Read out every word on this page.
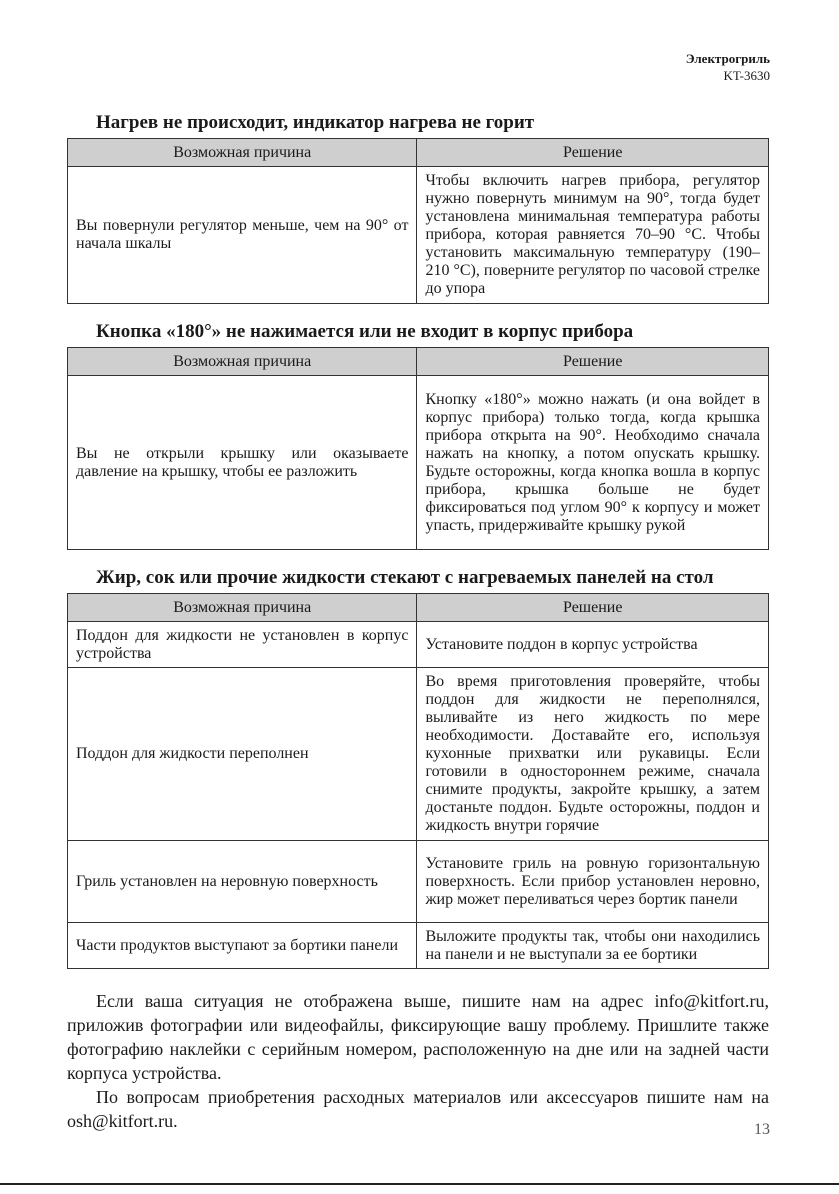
Электрогриль
KT-3630
Нагрев не происходит, индикатор нагрева не горит
Возможная причина	Решение
Вы повернули регулятор меньше, чем на 90° от начала шкалы	Чтобы включить нагрев прибора, регулятор нужно повернуть минимум на 90°, тогда будет установлена минимальная температура работы прибора, которая равняется 70–90 °С. Чтобы установить максимальную температуру (190–210 °С), поверните регулятор по часовой стрелке до упора
Кнопка «180°» не нажимается или не входит в корпус прибора
Возможная причина	Решение
Вы не открыли крышку или оказываете давление на крышку, чтобы ее разложить	Кнопку «180°» можно нажать (и она войдет в корпус прибора) только тогда, когда крышка прибора открыта на 90°. Необходимо сначала нажать на кнопку, а потом опускать крышку. Будьте осторожны, когда кнопка вошла в корпус прибора, крышка больше не будет фиксироваться под углом 90° к корпусу и может упасть, придерживайте крышку рукой
Жир, сок или прочие жидкости стекают с нагреваемых панелей на стол
Возможная причина	Решение
Поддон для жидкости не установлен в корпус устройства	Установите поддон в корпус устройства
Поддон для жидкости переполнен	Во время приготовления проверяйте, чтобы поддон для жидкости не переполнялся, выливайте из него жидкость по мере необходимости. Доставайте его, используя кухонные прихватки или рукавицы. Если готовили в одностороннем режиме, сначала снимите продукты, закройте крышку, а затем достаньте поддон. Будьте осторожны, поддон и жидкость внутри горячие
Гриль установлен на неровную поверхность	Установите гриль на ровную горизонтальную поверхность. Если прибор установлен неровно, жир может переливаться через бортик панели
Части продуктов выступают за бортики панели	Выложите продукты так, чтобы они находились на панели и не выступали за ее бортики

Если ваша ситуация не отображена выше, пишите нам на адрес info@kitfort.ru, приложив фотографии или видеофайлы, фиксирующие вашу проблему. Пришлите также фотографию наклейки с серийным номером, расположенную на дне или на задней части корпуса устройства.

По вопросам приобретения расходных материалов или аксессуаров пишите нам на osh@kitfort.ru.	13
